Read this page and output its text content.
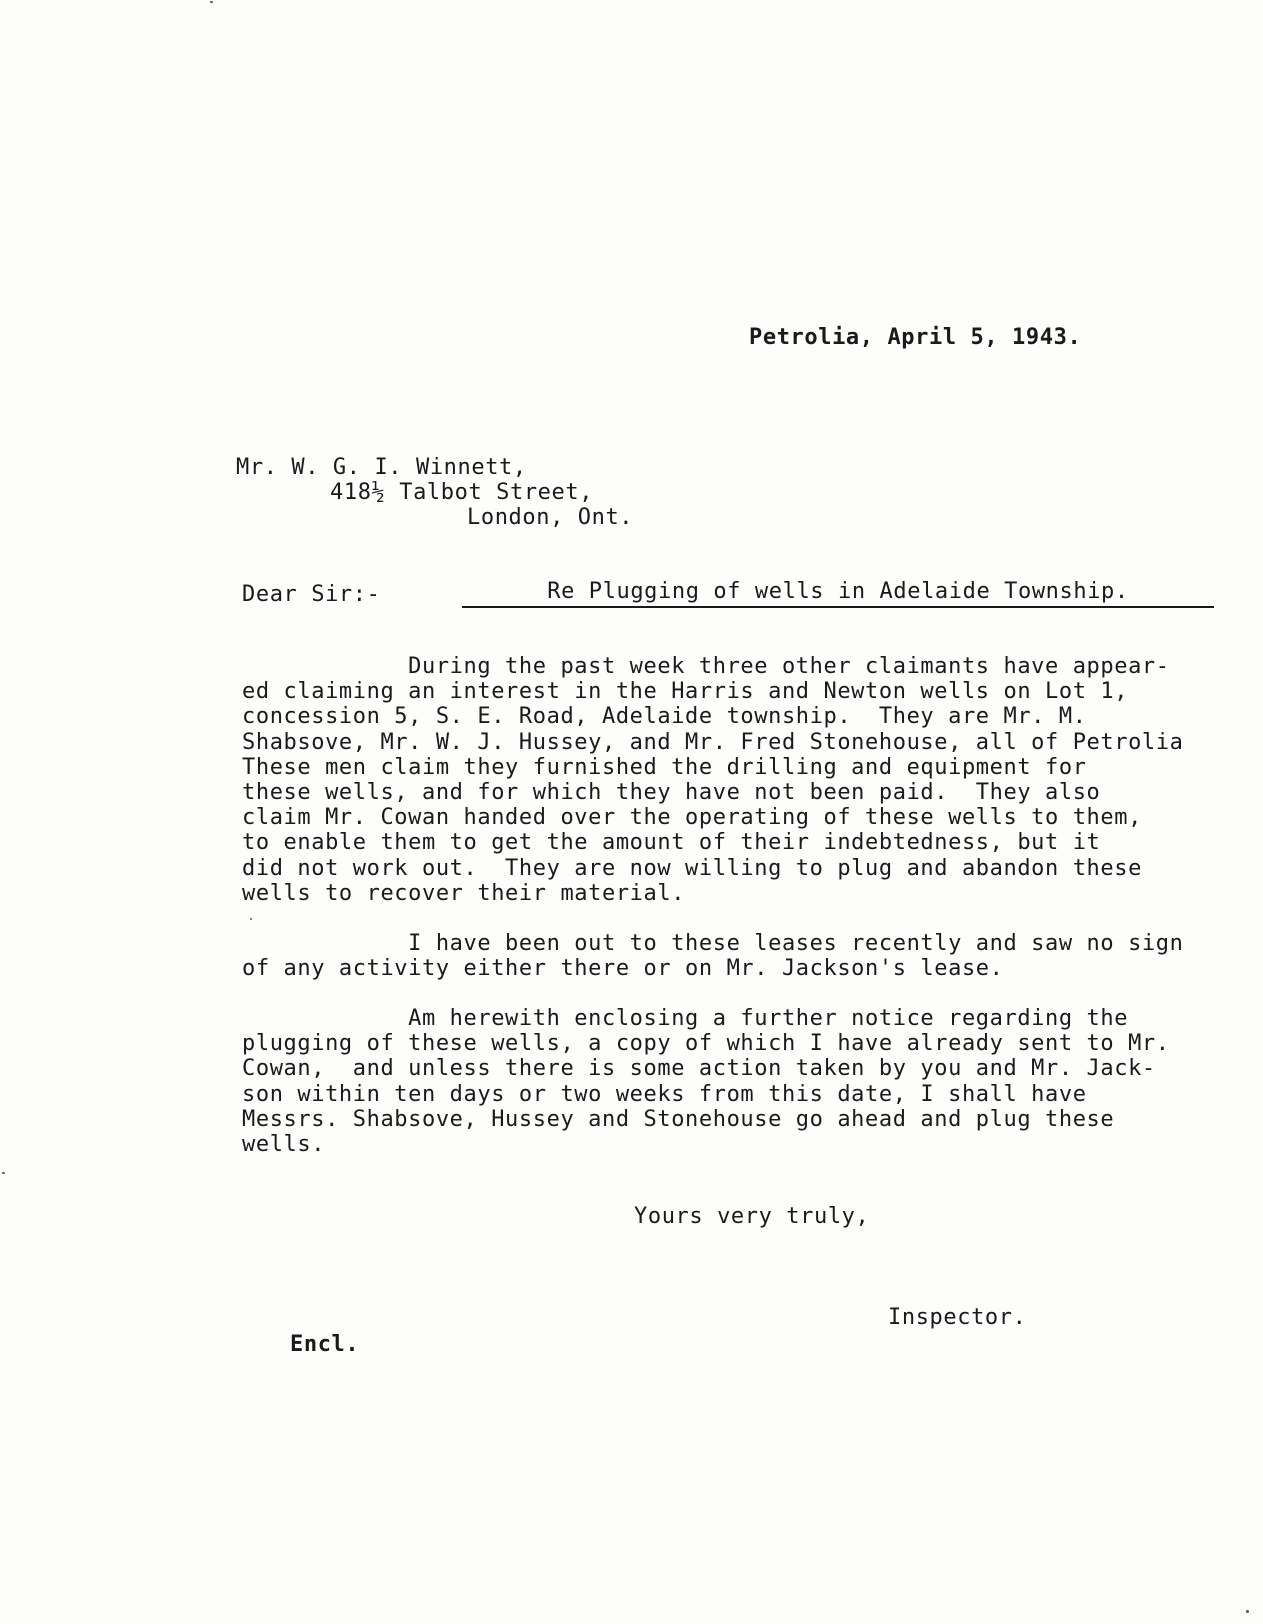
Petrolia, April 5, 1943.
Mr. W. G. I. Winnett,
418½ Talbot Street,
London, Ont.
Dear Sir:-	Re Plugging of wells in Adelaide Township.
During the past week three other claimants have appear-
ed claiming an interest in the Harris and Newton wells on Lot 1,
concession 5, S. E. Road, Adelaide township.  They are Mr. M.
Shabsove, Mr. W. J. Hussey, and Mr. Fred Stonehouse, all of Petrolia
These men claim they furnished the drilling and equipment for
these wells, and for which they have not been paid.  They also
claim Mr. Cowan handed over the operating of these wells to them,
to enable them to get the amount of their indebtedness, but it
did not work out.  They are now willing to plug and abandon these
wells to recover their material.
I have been out to these leases recently and saw no sign
of any activity either there or on Mr. Jackson's lease.
Am herewith enclosing a further notice regarding the
plugging of these wells, a copy of which I have already sent to Mr.
Cowan,  and unless there is some action taken by you and Mr. Jack-
son within ten days or two weeks from this date, I shall have
Messrs. Shabsove, Hussey and Stonehouse go ahead and plug these
wells.
Yours very truly,
Inspector.
Encl.
